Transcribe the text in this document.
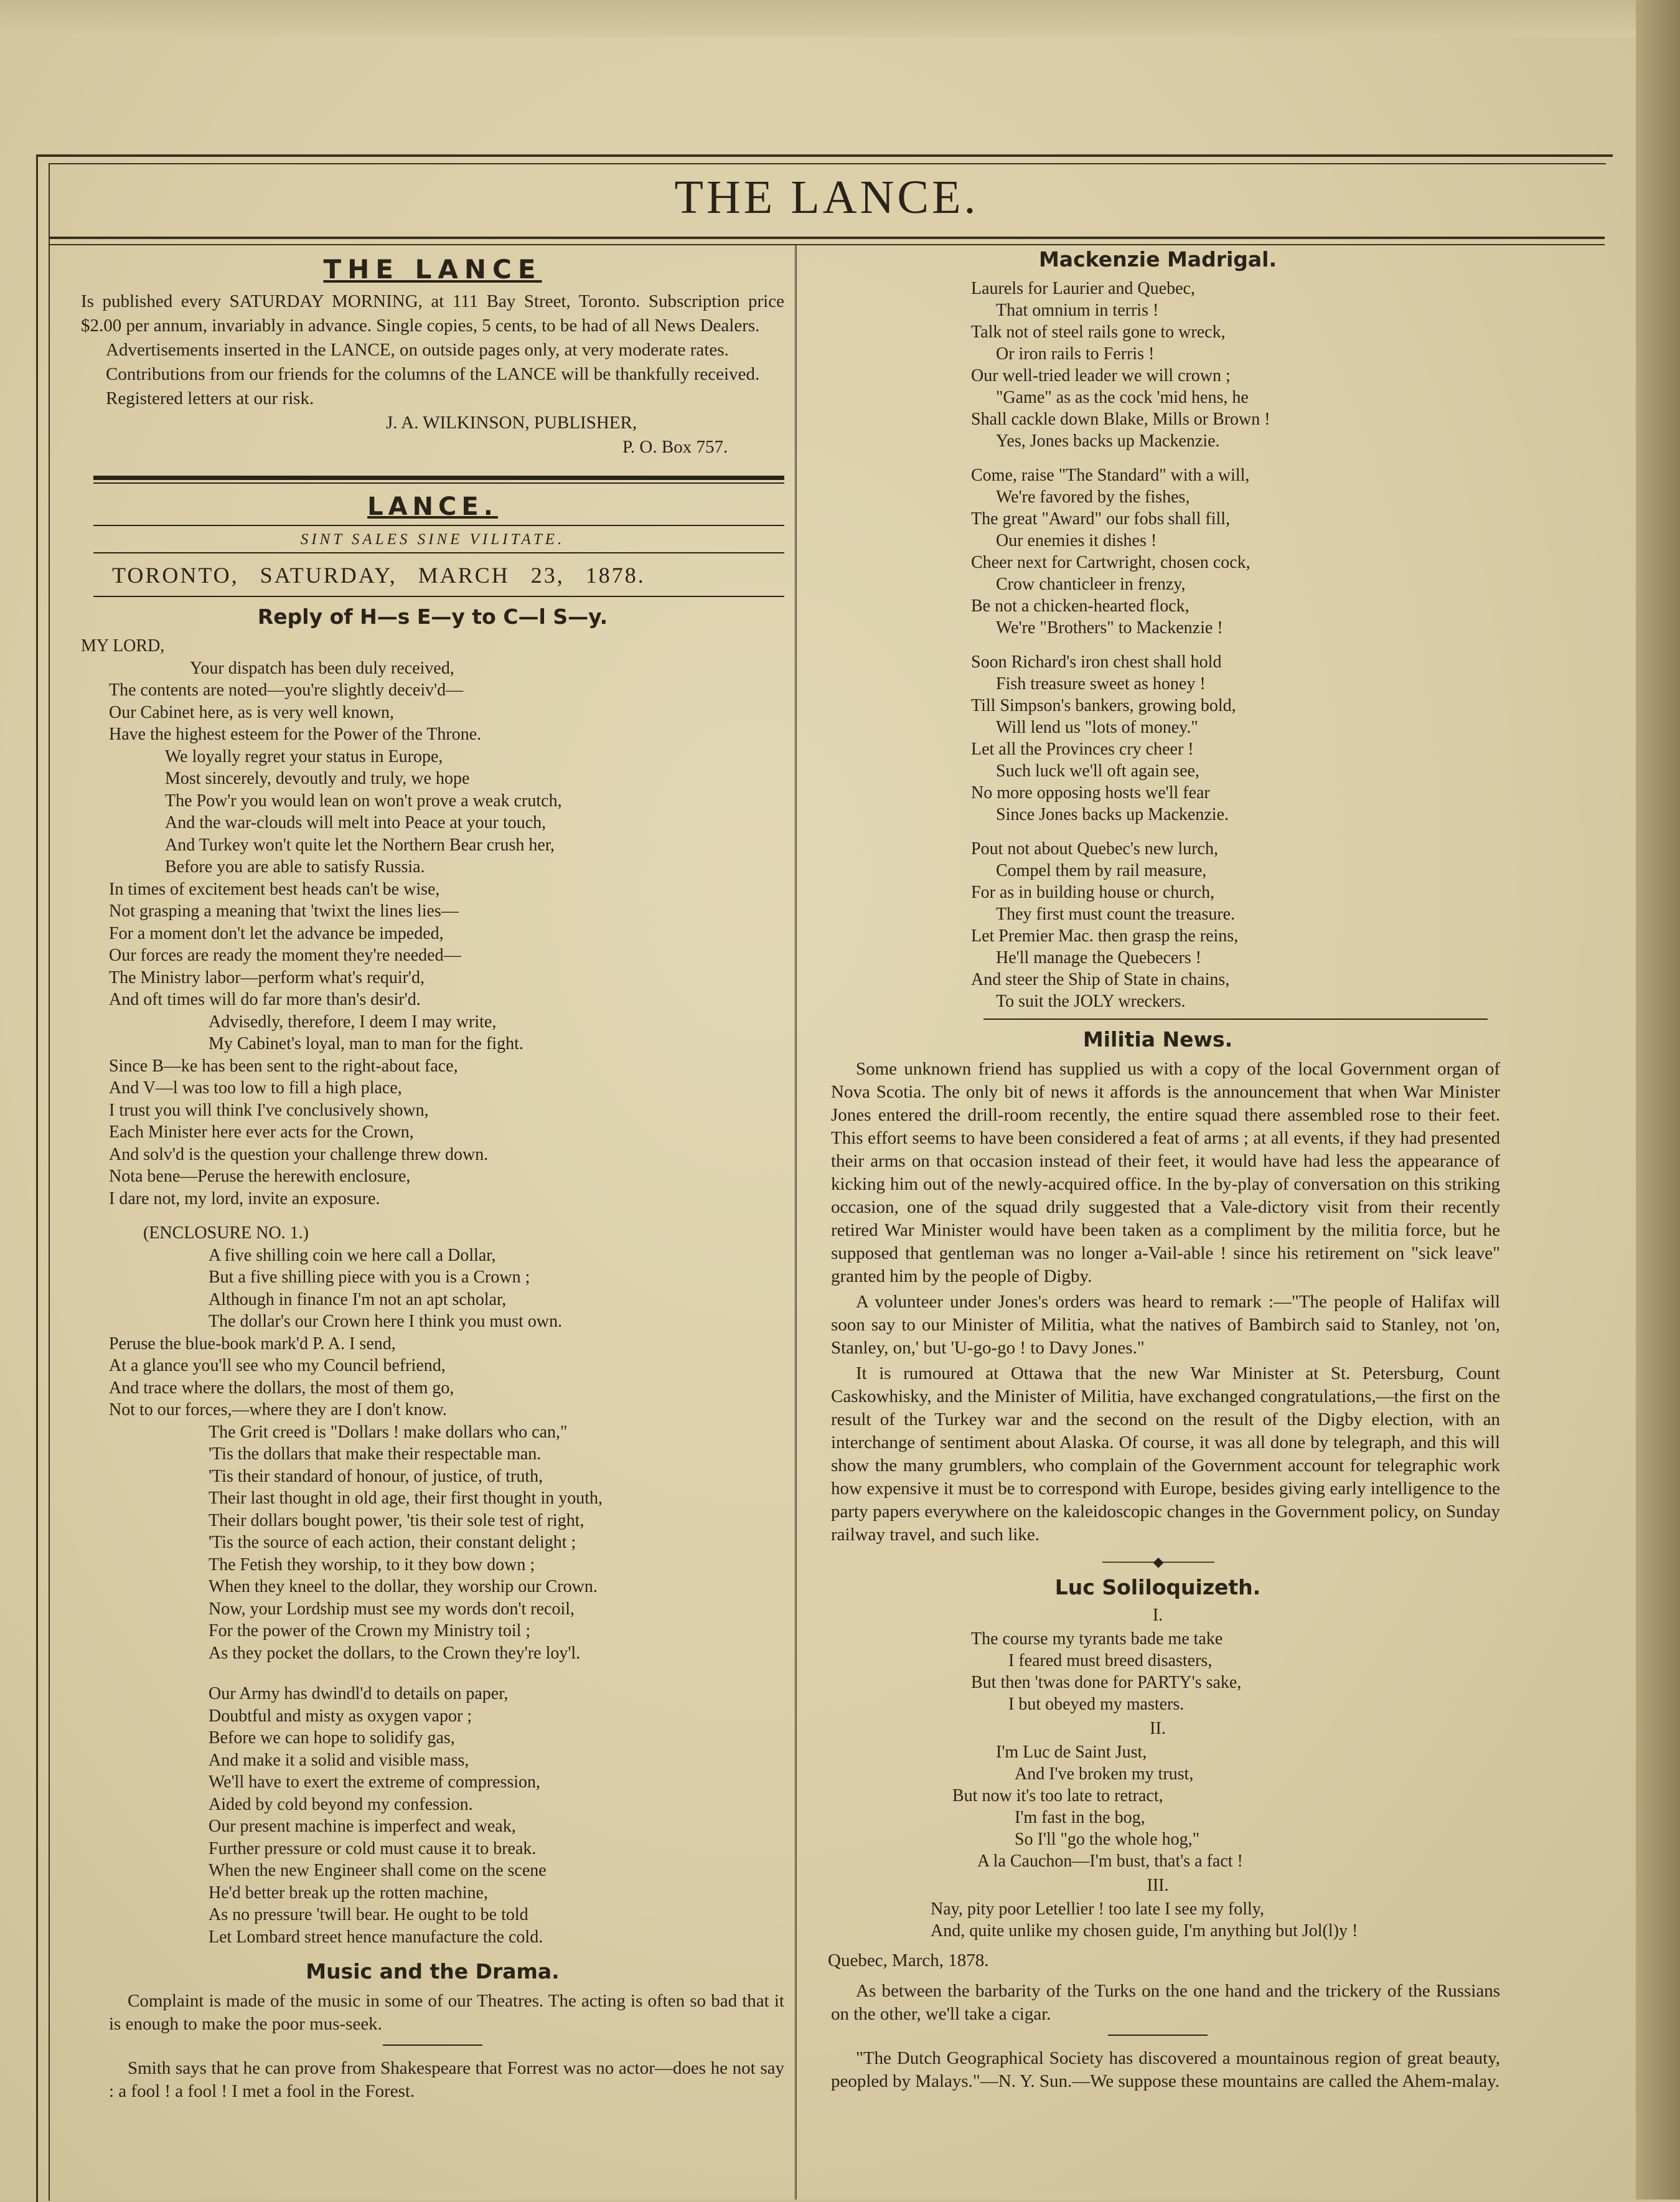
THE LANCE.
THE LANCE

Is published every SATURDAY MORNING, at 111 Bay Street, Toronto. Subscription price $2.00 per annum, invariably in advance. Single copies, 5 cents, to be had of all News Dealers.

Advertisements inserted in the LANCE, on outside pages only, at very moderate rates.

Contributions from our friends for the columns of the LANCE will be thankfully received.

Registered letters at our risk.

J. A. WILKINSON, PUBLISHER,
P. O. Box 757.
LANCE.
SINT SALES SINE VILITATE.
TORONTO, SATURDAY, MARCH 23, 1878.
Reply of H—s E—y to C—l S—y.
MY LORD,
Your dispatch has been duly received,
The contents are noted—you're slightly deceiv'd—
Our Cabinet here, as is very well known,
Have the highest esteem for the Power of the Throne.
We loyally regret your status in Europe,
Most sincerely, devoutly and truly, we hope
The Pow'r you would lean on won't prove a weak crutch,
And the war-clouds will melt into Peace at your touch,
And Turkey won't quite let the Northern Bear crush her,
Before you are able to satisfy Russia.
In times of excitement best heads can't be wise,
Not grasping a meaning that 'twixt the lines lies—
For a moment don't let the advance be impeded,
Our forces are ready the moment they're needed—
The Ministry labor—perform what's requir'd,
And oft times will do far more than's desir'd.
Advisedly, therefore, I deem I may write,
My Cabinet's loyal, man to man for the fight.
Since B—ke has been sent to the right-about face,
And V—l was too low to fill a high place,
I trust you will think I've conclusively shown,
Each Minister here ever acts for the Crown,
And solv'd is the question your challenge threw down.
Nota bene—Peruse the herewith enclosure,
I dare not, my lord, invite an exposure.
(ENCLOSURE NO. 1.)
A five shilling coin we here call a Dollar,
But a five shilling piece with you is a Crown ;
Although in finance I'm not an apt scholar,
The dollar's our Crown here I think you must own.
Peruse the blue-book mark'd P. A. I send,
At a glance you'll see who my Council befriend,
And trace where the dollars, the most of them go,
Not to our forces,—where they are I don't know.
The Grit creed is "Dollars ! make dollars who can,"
'Tis the dollars that make their respectable man.
'Tis their standard of honour, of justice, of truth,
Their last thought in old age, their first thought in youth,
Their dollars bought power, 'tis their sole test of right,
'Tis the source of each action, their constant delight ;
The Fetish they worship, to it they bow down ;
When they kneel to the dollar, they worship our Crown.
Now, your Lordship must see my words don't recoil,
For the power of the Crown my Ministry toil ;
As they pocket the dollars, to the Crown they're loy'l.
Our Army has dwindl'd to details on paper,
Doubtful and misty as oxygen vapor ;
Before we can hope to solidify gas,
And make it a solid and visible mass,
We'll have to exert the extreme of compression,
Aided by cold beyond my confession.
Our present machine is imperfect and weak,
Further pressure or cold must cause it to break.
When the new Engineer shall come on the scene
He'd better break up the rotten machine,
As no pressure 'twill bear. He ought to be told
Let Lombard street hence manufacture the cold.
Music and the Drama.

Complaint is made of the music in some of our Theatres. The acting is often so bad that it is enough to make the poor mus-seek.

Smith says that he can prove from Shakespeare that Forrest was no actor—does he not say : a fool ! a fool ! I met a fool in the Forest.

Mackenzie Madrigal.
Laurels for Laurier and Quebec,
That omnium in terris !
Talk not of steel rails gone to wreck,
Or iron rails to Ferris !
Our well-tried leader we will crown ;
"Game" as as the cock 'mid hens, he
Shall cackle down Blake, Mills or Brown !
Yes, Jones backs up Mackenzie.
Come, raise "The Standard" with a will,
We're favored by the fishes,
The great "Award" our fobs shall fill,
Our enemies it dishes !
Cheer next for Cartwright, chosen cock,
Crow chanticleer in frenzy,
Be not a chicken-hearted flock,
We're "Brothers" to Mackenzie !
Soon Richard's iron chest shall hold
Fish treasure sweet as honey !
Till Simpson's bankers, growing bold,
Will lend us "lots of money."
Let all the Provinces cry cheer !
Such luck we'll oft again see,
No more opposing hosts we'll fear
Since Jones backs up Mackenzie.
Pout not about Quebec's new lurch,
Compel them by rail measure,
For as in building house or church,
They first must count the treasure.
Let Premier Mac. then grasp the reins,
He'll manage the Quebecers !
And steer the Ship of State in chains,
To suit the JOLY wreckers.
Militia News.

Some unknown friend has supplied us with a copy of the local Government organ of Nova Scotia. The only bit of news it affords is the announcement that when War Minister Jones entered the drill-room recently, the entire squad there assembled rose to their feet. This effort seems to have been considered a feat of arms ; at all events, if they had presented their arms on that occasion instead of their feet, it would have had less the appearance of kicking him out of the newly-acquired office. In the by-play of conversation on this striking occasion, one of the squad drily suggested that a Vale-dictory visit from their recently retired War Minister would have been taken as a compliment by the militia force, but he supposed that gentleman was no longer a-Vail-able ! since his retirement on "sick leave" granted him by the people of Digby.

A volunteer under Jones's orders was heard to remark :—"The people of Halifax will soon say to our Minister of Militia, what the natives of Bambirch said to Stanley, not 'on, Stanley, on,' but 'U-go-go ! to Davy Jones."

It is rumoured at Ottawa that the new War Minister at St. Petersburg, Count Caskowhisky, and the Minister of Militia, have exchanged congratulations,—the first on the result of the Turkey war and the second on the result of the Digby election, with an interchange of sentiment about Alaska. Of course, it was all done by telegraph, and this will show the many grumblers, who complain of the Government account for telegraphic work how expensive it must be to correspond with Europe, besides giving early intelligence to the party papers everywhere on the kaleidoscopic changes in the Government policy, on Sunday railway travel, and such like.

──────◆──────
Luc Soliloquizeth.
I.
The course my tyrants bade me take
I feared must breed disasters,
But then 'twas done for PARTY's sake,
I but obeyed my masters.
II.
I'm Luc de Saint Just,
And I've broken my trust,
But now it's too late to retract,
I'm fast in the bog,
So I'll "go the whole hog,"
A la Cauchon—I'm bust, that's a fact !
III.
Nay, pity poor Letellier ! too late I see my folly,
And, quite unlike my chosen guide, I'm anything but Jol(l)y !
Quebec, March, 1878.

As between the barbarity of the Turks on the one hand and the trickery of the Russians on the other, we'll take a cigar.

"The Dutch Geographical Society has discovered a mountainous region of great beauty, peopled by Malays."—N. Y. Sun.—We suppose these mountains are called the Ahem-malay.
